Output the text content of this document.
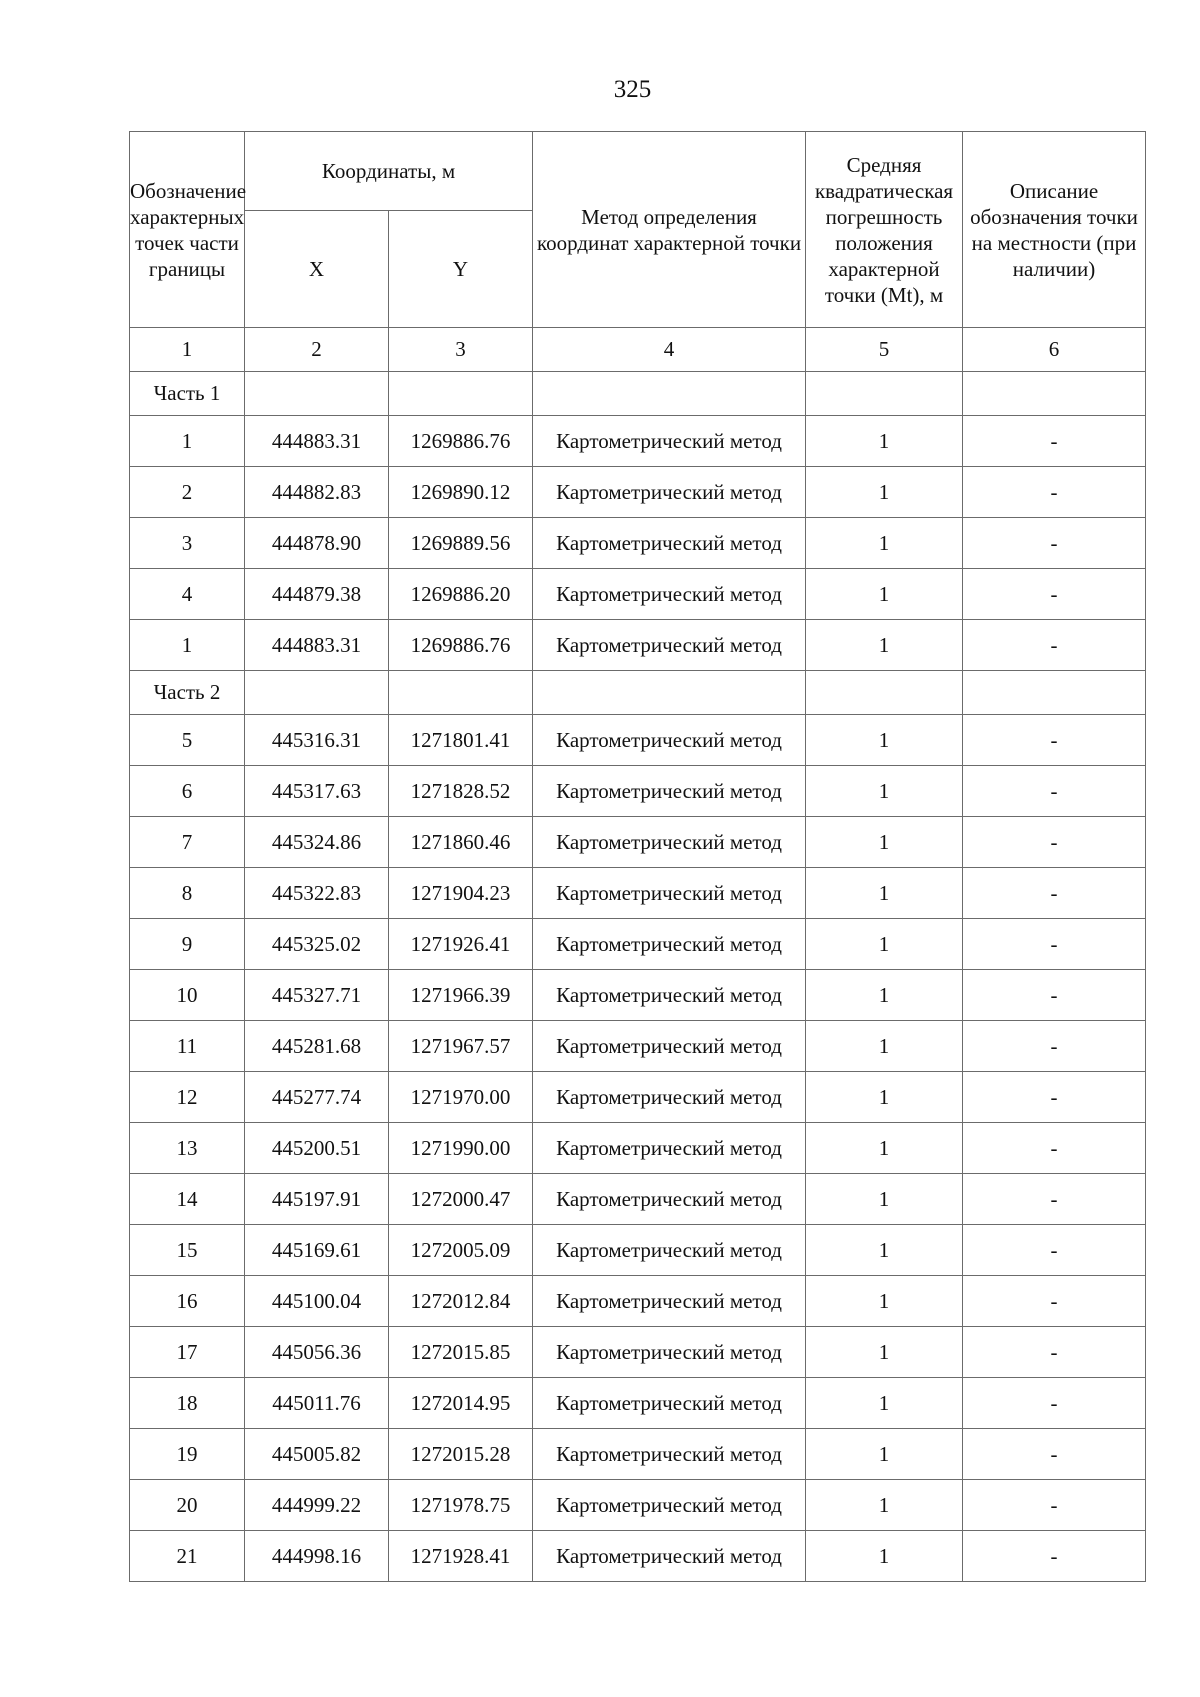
325
Обозначение характерных точек части границы	Координаты, м		Метод определения координат характерной точки	Средняя квадратическая погрешность положения характерной точки (Mt), м	Описание обозначения точки на местности (при наличии)
	X	Y			
1	2	3	4	5	6
Часть 1					
1	444883.31	1269886.76	Картометрический метод	1	-
2	444882.83	1269890.12	Картометрический метод	1	-
3	444878.90	1269889.56	Картометрический метод	1	-
4	444879.38	1269886.20	Картометрический метод	1	-
1	444883.31	1269886.76	Картометрический метод	1	-
Часть 2					
5	445316.31	1271801.41	Картометрический метод	1	-
6	445317.63	1271828.52	Картометрический метод	1	-
7	445324.86	1271860.46	Картометрический метод	1	-
8	445322.83	1271904.23	Картометрический метод	1	-
9	445325.02	1271926.41	Картометрический метод	1	-
10	445327.71	1271966.39	Картометрический метод	1	-
11	445281.68	1271967.57	Картометрический метод	1	-
12	445277.74	1271970.00	Картометрический метод	1	-
13	445200.51	1271990.00	Картометрический метод	1	-
14	445197.91	1272000.47	Картометрический метод	1	-
15	445169.61	1272005.09	Картометрический метод	1	-
16	445100.04	1272012.84	Картометрический метод	1	-
17	445056.36	1272015.85	Картометрический метод	1	-
18	445011.76	1272014.95	Картометрический метод	1	-
19	445005.82	1272015.28	Картометрический метод	1	-
20	444999.22	1271978.75	Картометрический метод	1	-
21	444998.16	1271928.41	Картометрический метод	1	-
